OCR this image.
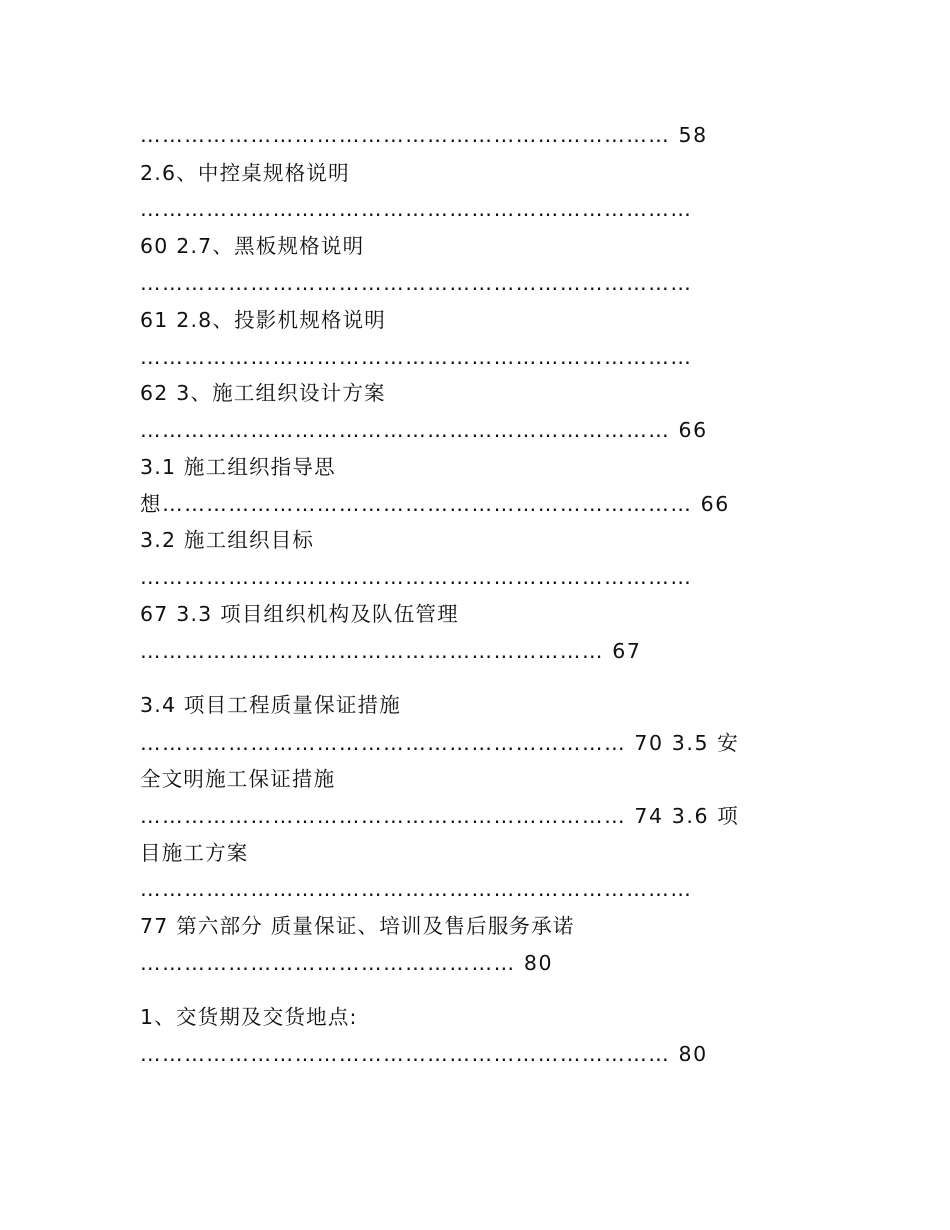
……………………………………………………………… 58

2.6、中控桌规格说明

…………………………………………………………………

60 2.7、黑板规格说明

…………………………………………………………………

61 2.8、投影机规格说明

…………………………………………………………………

62 3、施工组织设计方案

……………………………………………………………… 66

3.1 施工组织指导思

想……………………………………………………………… 66

3.2 施工组织目标

…………………………………………………………………

67 3.3 项目组织机构及队伍管理

……………………………………………………… 67

3.4 项目工程质量保证措施

………………………………………………………… 70 3.5 安

全文明施工保证措施

………………………………………………………… 74 3.6 项

目施工方案

…………………………………………………………………

77 第六部分 质量保证、培训及售后服务承诺

…………………………………………… 80

1、交货期及交货地点:

……………………………………………………………… 80
